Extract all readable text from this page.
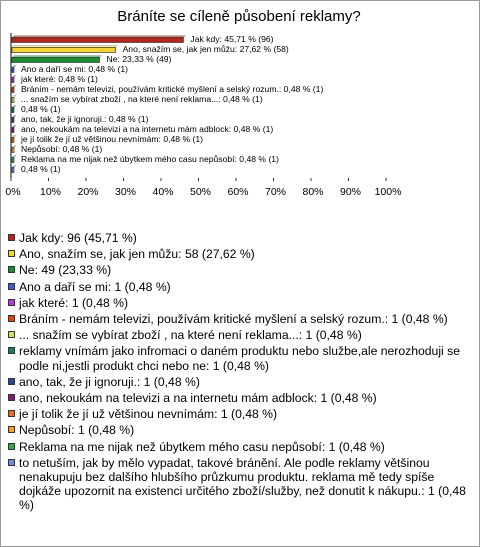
Bráníte se cíleně působení reklamy?
Jak kdy: 45,71 % (96)
Ano, snažím se, jak jen můžu: 27,62 % (58)
Ne: 23,33 % (49)
Ano a daří se mi: 0,48 % (1)
jak které: 0,48 % (1)
Bráním - nemám televizi, používám kritické myšlení a selský rozum.: 0,48 % (1)
... snažím se vybírat zboží , na které není reklama...: 0,48 % (1)
0,48 % (1)
ano, tak, že ji ignoruji.: 0,48 % (1)
ano, nekoukám na televizi a na internetu mám adblock: 0,48 % (1)
je jí tolik že jí už většinou nevnímám: 0,48 % (1)
Nepůsobí: 0,48 % (1)
Reklama na me nijak než úbytkem mého casu nepůsobí: 0,48 % (1)
0,48 % (1)
0% 10% 20% 30% 40% 50% 60% 70% 80% 90% 100%
Jak kdy: 96 (45,71 %)
Ano, snažím se, jak jen můžu: 58 (27,62 %)
Ne: 49 (23,33 %)
Ano a daří se mi: 1 (0,48 %)
jak které: 1 (0,48 %)
Bráním - nemám televizi, používám kritické myšlení a selský rozum.: 1 (0,48 %)
... snažím se vybírat zboží , na které není reklama...: 1 (0,48 %)
reklamy vnímám jako infromaci o daném produktu nebo službe,ale nerozhoduji se podle ni,jestli produkt chci nebo ne: 1 (0,48 %)
ano, tak, že ji ignoruji.: 1 (0,48 %)
ano, nekoukám na televizi a na internetu mám adblock: 1 (0,48 %)
je jí tolik že jí už většinou nevnímám: 1 (0,48 %)
Nepůsobí: 1 (0,48 %)
Reklama na me nijak než úbytkem mého casu nepůsobí: 1 (0,48 %)
to netuším, jak by mělo vypadat, takové bránění. Ale podle reklamy většinou nenakupuju bez dalšího hlubšího průzkumu produktu. reklama mě tedy spíše dojkáže upozornit na existenci určitého zboží/služby, než donutit k nákupu.: 1 (0,48 %)
